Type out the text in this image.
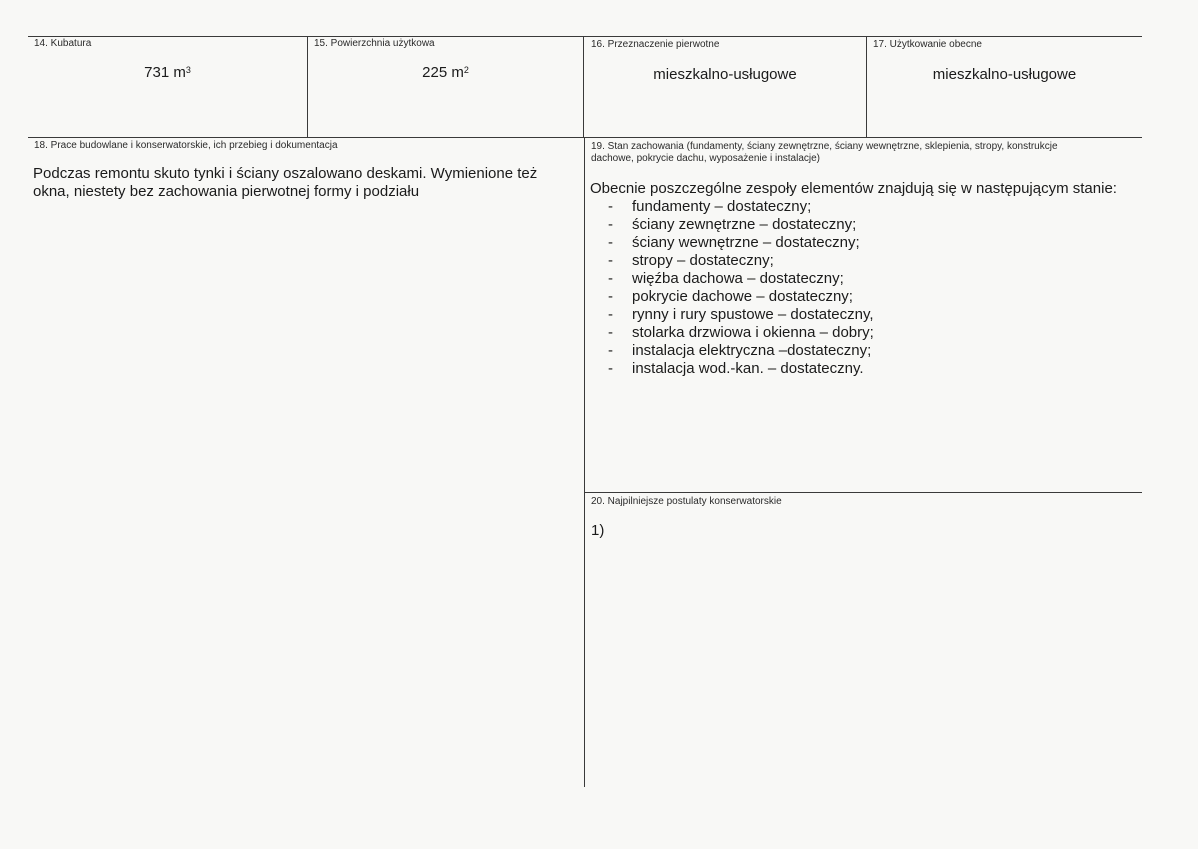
14. Kubatura
731 $m^3$
15. Powierzchnia użytkowa
225 $m^2$
16. Przeznaczenie pierwotne
mieszkalno-usługowe
17. Użytkowanie obecne
mieszkalno-usługowe
18. Prace budowlane i konserwatorskie, ich przebieg i dokumentacja
Podczas remontu skuto tynki i ściany oszalowano deskami. Wymienione też okna, niestety bez zachowania pierwotnej formy i podziału
19. Stan zachowania (fundamenty, ściany zewnętrzne, ściany wewnętrzne, sklepienia, stropy, konstrukcje dachowe, pokrycie dachu, wyposażenie i instalacje)
Obecnie poszczególne zespoły elementów znajdują się w następującym stanie:
- fundamenty – dostateczny;
- ściany zewnętrzne – dostateczny;
- ściany wewnętrzne – dostateczny;
- stropy – dostateczny;
- więźba dachowa – dostateczny;
- pokrycie dachowe – dostateczny;
- rynny i rury spustowe – dostateczny,
- stolarka drzwiowa i okienna – dobry;
- instalacja elektryczna –dostateczny;
- instalacja wod.-kan. – dostateczny.
20. Najpilniejsze postulaty konserwatorskie
1)
